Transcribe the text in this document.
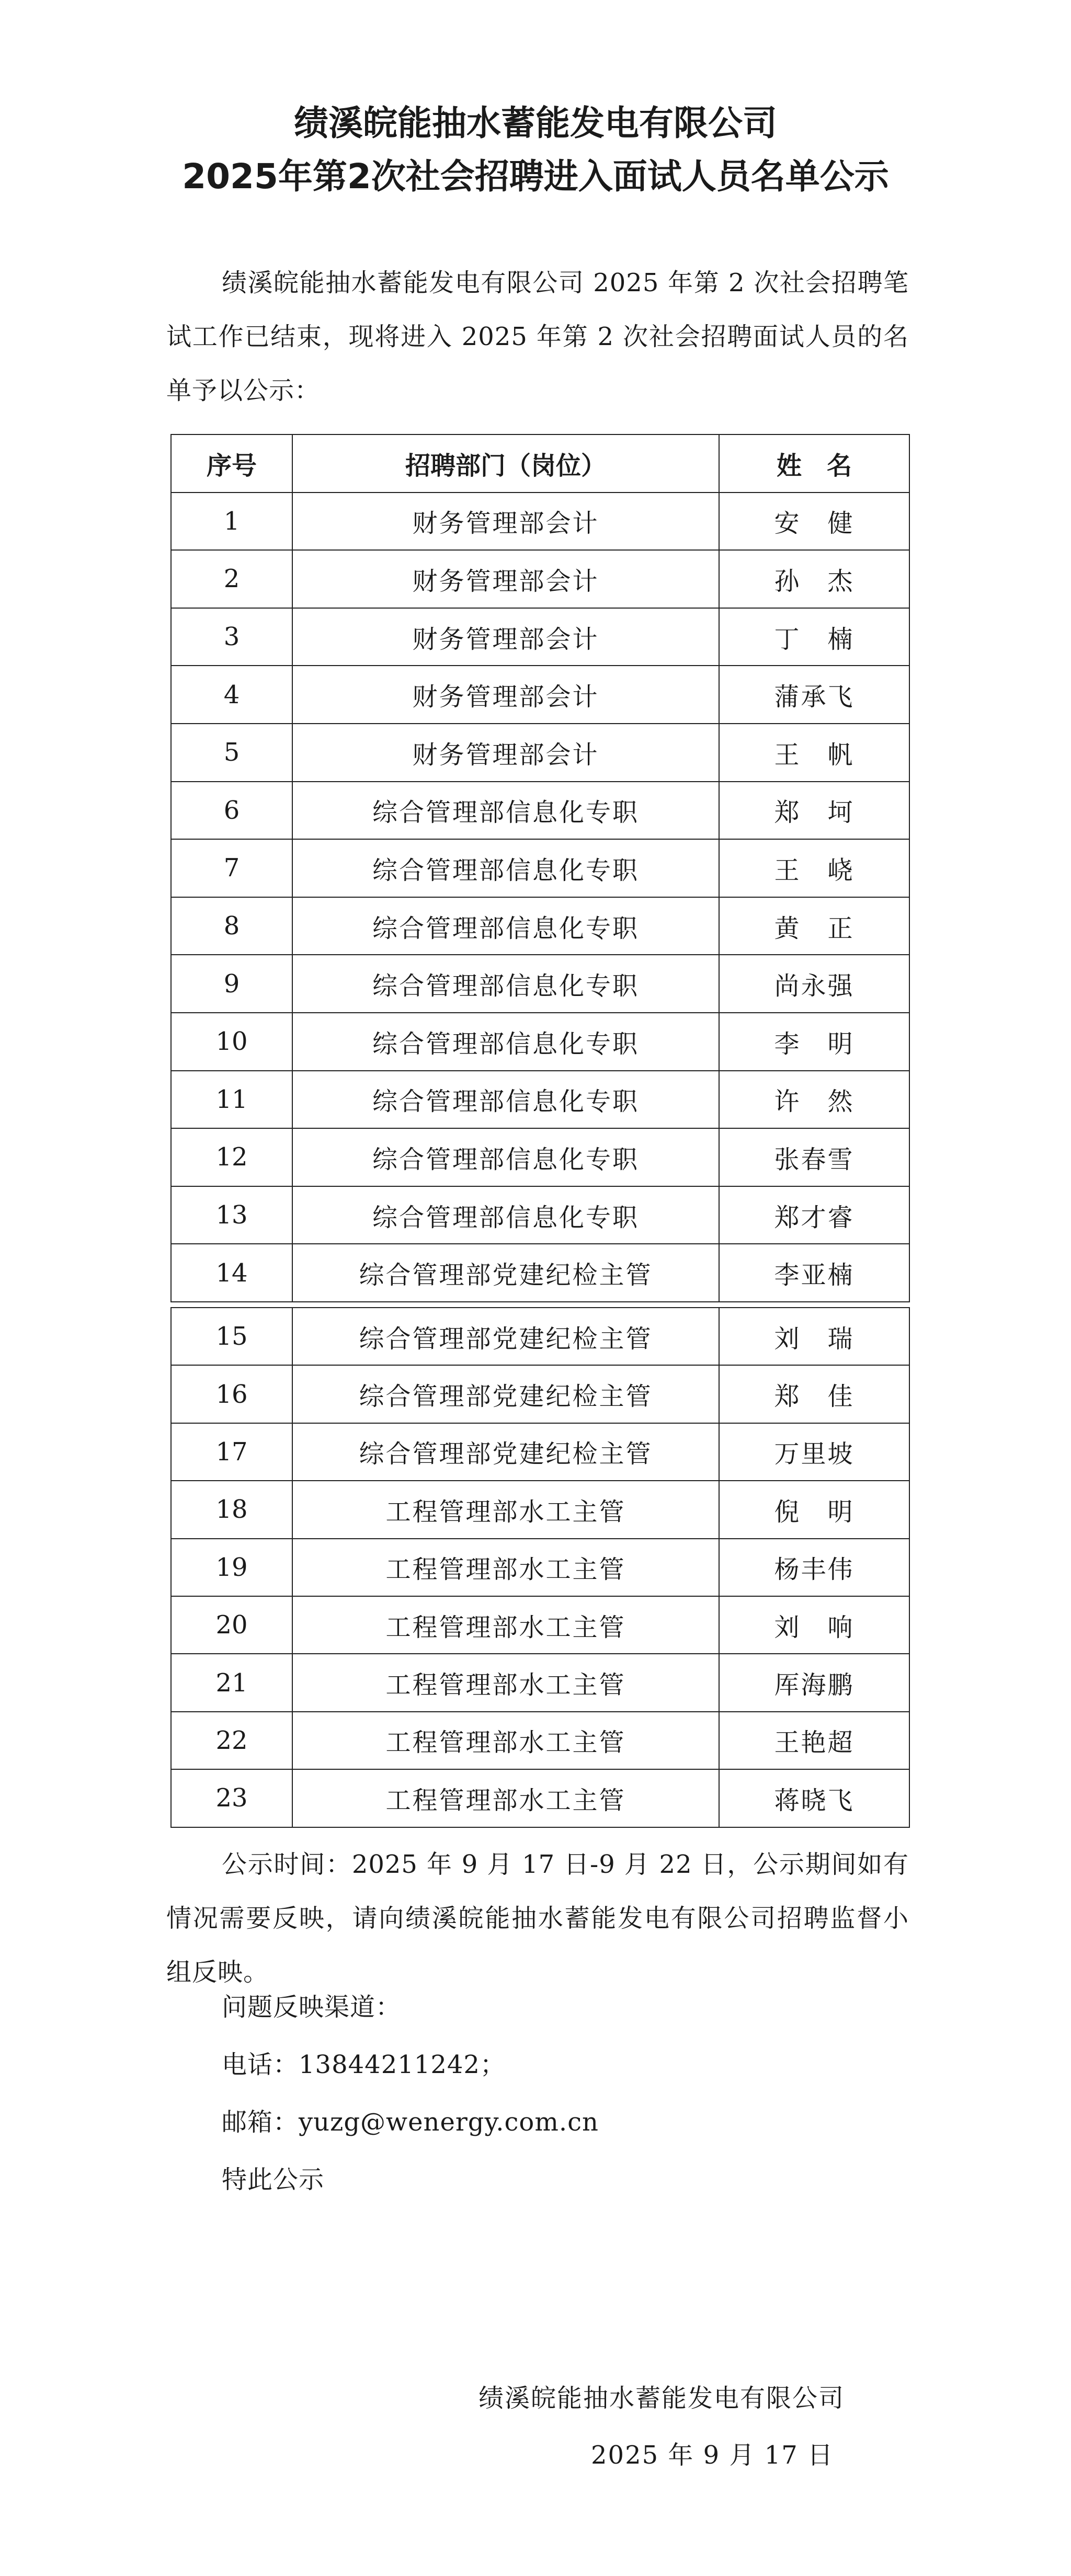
绩溪皖能抽水蓄能发电有限公司
2025年第2次社会招聘进入面试人员名单公示

绩溪皖能抽水蓄能发电有限公司 2025 年第 2 次社会招聘笔试工作已结束，现将进入 2025 年第 2 次社会招聘面试人员的名单予以公示：

序号	招聘部门（岗位）	姓　名
1	财务管理部会计	安　健
2	财务管理部会计	孙　杰
3	财务管理部会计	丁　楠
4	财务管理部会计	蒲承飞
5	财务管理部会计	王　帆
6	综合管理部信息化专职	郑　坷
7	综合管理部信息化专职	王　峣
8	综合管理部信息化专职	黄　正
9	综合管理部信息化专职	尚永强
10	综合管理部信息化专职	李　明
11	综合管理部信息化专职	许　然
12	综合管理部信息化专职	张春雪
13	综合管理部信息化专职	郑才睿
14	综合管理部党建纪检主管	李亚楠
15	综合管理部党建纪检主管	刘　瑞
16	综合管理部党建纪检主管	郑　佳
17	综合管理部党建纪检主管	万里坡
18	工程管理部水工主管	倪　明
19	工程管理部水工主管	杨丰伟
20	工程管理部水工主管	刘　响
21	工程管理部水工主管	厍海鹏
22	工程管理部水工主管	王艳超
23	工程管理部水工主管	蒋晓飞

公示时间：2025 年 9 月 17 日-9 月 22 日，公示期间如有情况需要反映，请向绩溪皖能抽水蓄能发电有限公司招聘监督小组反映。

问题反映渠道：

电话：13844211242；

邮箱：yuzg@wenergy.com.cn

特此公示

绩溪皖能抽水蓄能发电有限公司

2025 年 9 月 17 日
